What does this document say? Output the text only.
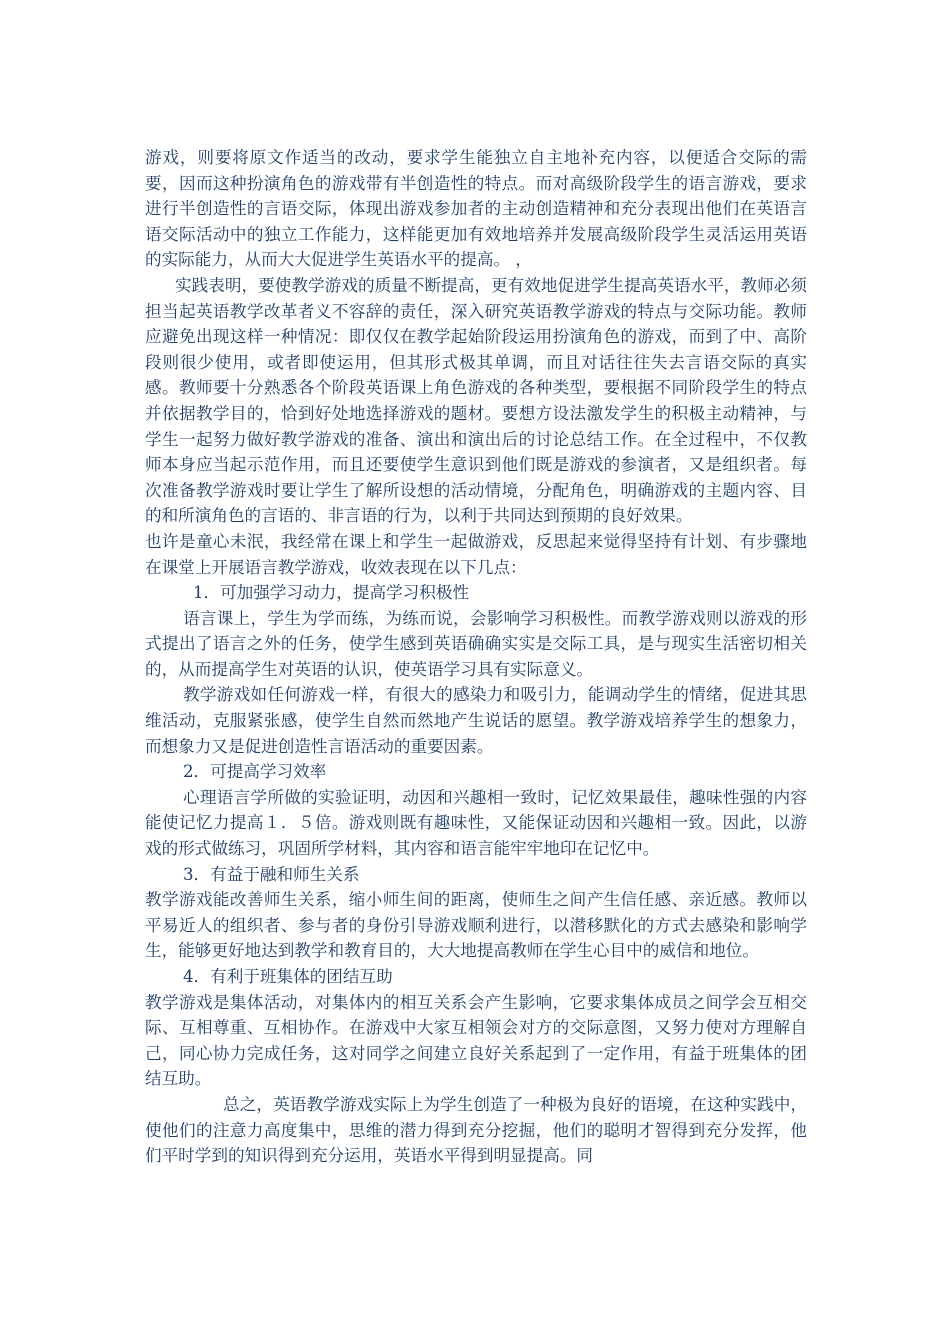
游戏，则要将原文作适当的改动，要求学生能独立自主地补充内容，以便适合交际的需要，因而这种扮演角色的游戏带有半创造性的特点。而对高级阶段学生的语言游戏，要求进行半创造性的言语交际，体现出游戏参加者的主动创造精神和充分表现出他们在英语言语交际活动中的独立工作能力，这样能更加有效地培养并发展高级阶段学生灵活运用英语的实际能力，从而大大促进学生英语水平的提高。 ，

实践表明，要使教学游戏的质量不断提高，更有效地促进学生提高英语水平，教师必须担当起英语教学改革者义不容辞的责任，深入研究英语教学游戏的特点与交际功能。教师应避免出现这样一种情况：即仅仅在教学起始阶段运用扮演角色的游戏，而到了中、高阶段则很少使用，或者即使运用，但其形式极其单调，而且对话往往失去言语交际的真实感。教师要十分熟悉各个阶段英语课上角色游戏的各种类型，要根据不同阶段学生的特点并依据教学目的，恰到好处地选择游戏的题材。要想方设法激发学生的积极主动精神，与学生一起努力做好教学游戏的准备、演出和演出后的讨论总结工作。在全过程中，不仅教师本身应当起示范作用，而且还要使学生意识到他们既是游戏的参演者，又是组织者。每次准备教学游戏时要让学生了解所设想的活动情境，分配角色，明确游戏的主题内容、目的和所演角色的言语的、非言语的行为，以利于共同达到预期的良好效果。

也许是童心未泯，我经常在课上和学生一起做游戏，反思起来觉得坚持有计划、有步骤地在课堂上开展语言教学游戏，收效表现在以下几点：

1．可加强学习动力，提高学习积极性

语言课上，学生为学而练，为练而说，会影响学习积极性。而教学游戏则以游戏的形式提出了语言之外的任务，使学生感到英语确确实实是交际工具，是与现实生活密切相关的，从而提高学生对英语的认识，使英语学习具有实际意义。

教学游戏如任何游戏一样，有很大的感染力和吸引力，能调动学生的情绪，促进其思维活动，克服紧张感，使学生自然而然地产生说话的愿望。教学游戏培养学生的想象力，而想象力又是促进创造性言语活动的重要因素。

2．可提高学习效率

心理语言学所做的实验证明，动因和兴趣相一致时，记忆效果最佳，趣味性强的内容能使记忆力提高１．５倍。游戏则既有趣味性，又能保证动因和兴趣相一致。因此，以游戏的形式做练习，巩固所学材料，其内容和语言能牢牢地印在记忆中。

3．有益于融和师生关系

教学游戏能改善师生关系，缩小师生间的距离，使师生之间产生信任感、亲近感。教师以平易近人的组织者、参与者的身份引导游戏顺利进行，以潜移默化的方式去感染和影响学生，能够更好地达到教学和教育目的，大大地提高教师在学生心目中的威信和地位。

4．有利于班集体的团结互助

教学游戏是集体活动，对集体内的相互关系会产生影响，它要求集体成员之间学会互相交际、互相尊重、互相协作。在游戏中大家互相领会对方的交际意图，又努力使对方理解自己，同心协力完成任务，这对同学之间建立良好关系起到了一定作用，有益于班集体的团结互助。

总之，英语教学游戏实际上为学生创造了一种极为良好的语境，在这种实践中，使他们的注意力高度集中，思维的潜力得到充分挖掘，他们的聪明才智得到充分发挥，他们平时学到的知识得到充分运用，英语水平得到明显提高。同
